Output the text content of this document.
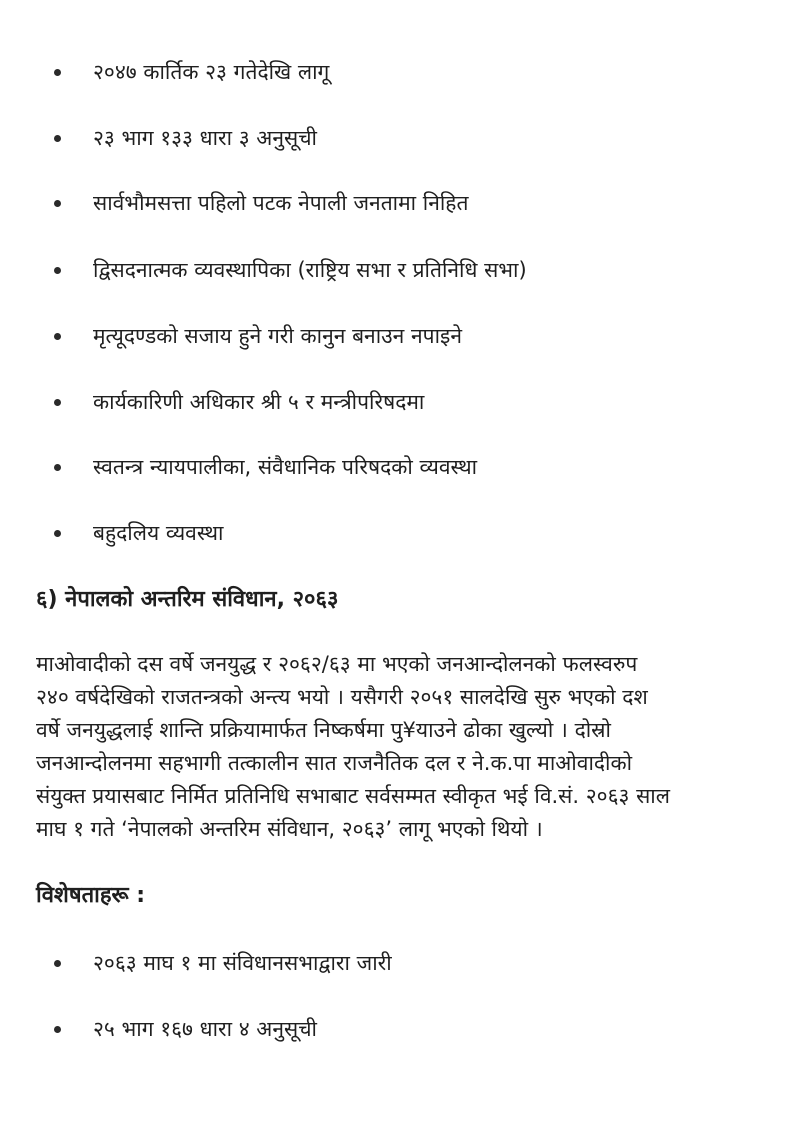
२०४७ कार्तिक २३ गतेदेखि लागू
२३ भाग १३३ धारा ३ अनुसूची
सार्वभौमसत्ता पहिलो पटक नेपाली जनतामा निहित
द्विसदनात्मक व्यवस्थापिका (राष्ट्रिय सभा र प्रतिनिधि सभा)
मृत्यूदण्डको सजाय हुने गरी कानुन बनाउन नपाइने
कार्यकारिणी अधिकार श्री ५ र मन्त्रीपरिषदमा
स्वतन्त्र न्यायपालीका, संवैधानिक परिषदको व्यवस्था
बहुदलिय व्यवस्था
६) नेपालको अन्तरिम संविधान, २०६३

माओवादीको दस वर्षे जनयुद्ध र २०६२/६३ मा भएको जनआन्दोलनको फलस्वरुप
२४० वर्षदेखिको राजतन्त्रको अन्त्य भयो । यसैगरी २०५१ सालदेखि सुरु भएको दश
वर्षे जनयुद्धलाई शान्ति प्रक्रियामार्फत निष्कर्षमा पु¥याउने ढोका खुल्यो । दोस्रो
जनआन्दोलनमा सहभागी तत्कालीन सात राजनैतिक दल र ने.क.पा माओवादीको
संयुक्त प्रयासबाट निर्मित प्रतिनिधि सभाबाट सर्वसम्मत स्वीकृत भई वि.सं. २०६३ साल
माघ १ गते ‘नेपालको अन्तरिम संविधान, २०६३’ लागू भएको थियो ।

विशेषताहरू :
२०६३ माघ १ मा संविधानसभाद्वारा जारी
२५ भाग १६७ धारा ४ अनुसूची
